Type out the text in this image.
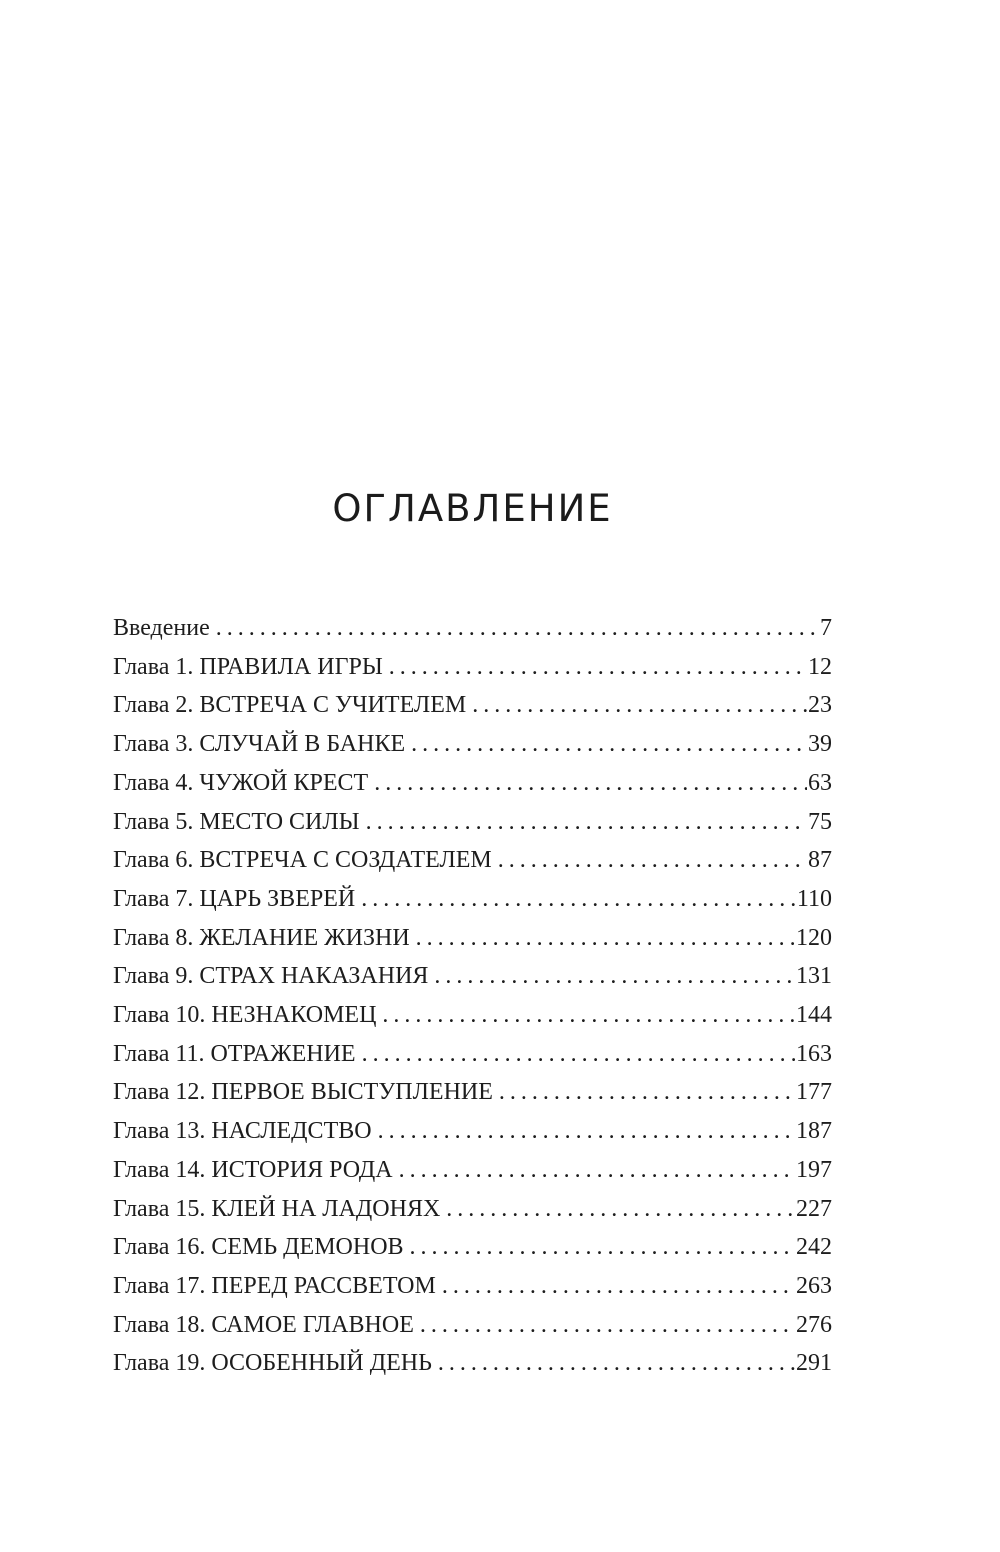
ОГЛАВЛЕНИЕ
Введение .....	7
Глава 1. ПРАВИЛА ИГРЫ .....	12
Глава 2. ВСТРЕЧА С УЧИТЕЛЕМ .....	23
Глава 3. СЛУЧАЙ В БАНКЕ .....	39
Глава 4. ЧУЖОЙ КРЕСТ .....	63
Глава 5. МЕСТО СИЛЫ .....	75
Глава 6. ВСТРЕЧА С СОЗДАТЕЛЕМ .....	87
Глава 7. ЦАРЬ ЗВЕРЕЙ .....	110
Глава 8. ЖЕЛАНИЕ ЖИЗНИ .....	120
Глава 9. СТРАХ НАКАЗАНИЯ .....	131
Глава 10. НЕЗНАКОМЕЦ .....	144
Глава 11. ОТРАЖЕНИЕ .....	163
Глава 12. ПЕРВОЕ ВЫСТУПЛЕНИЕ .....	177
Глава 13. НАСЛЕДСТВО .....	187
Глава 14. ИСТОРИЯ РОДА .....	197
Глава 15. КЛЕЙ НА ЛАДОНЯХ .....	227
Глава 16. СЕМЬ ДЕМОНОВ .....	242
Глава 17. ПЕРЕД РАССВЕТОМ .....	263
Глава 18. САМОЕ ГЛАВНОЕ .....	276
Глава 19. ОСОБЕННЫЙ ДЕНЬ .....	291
